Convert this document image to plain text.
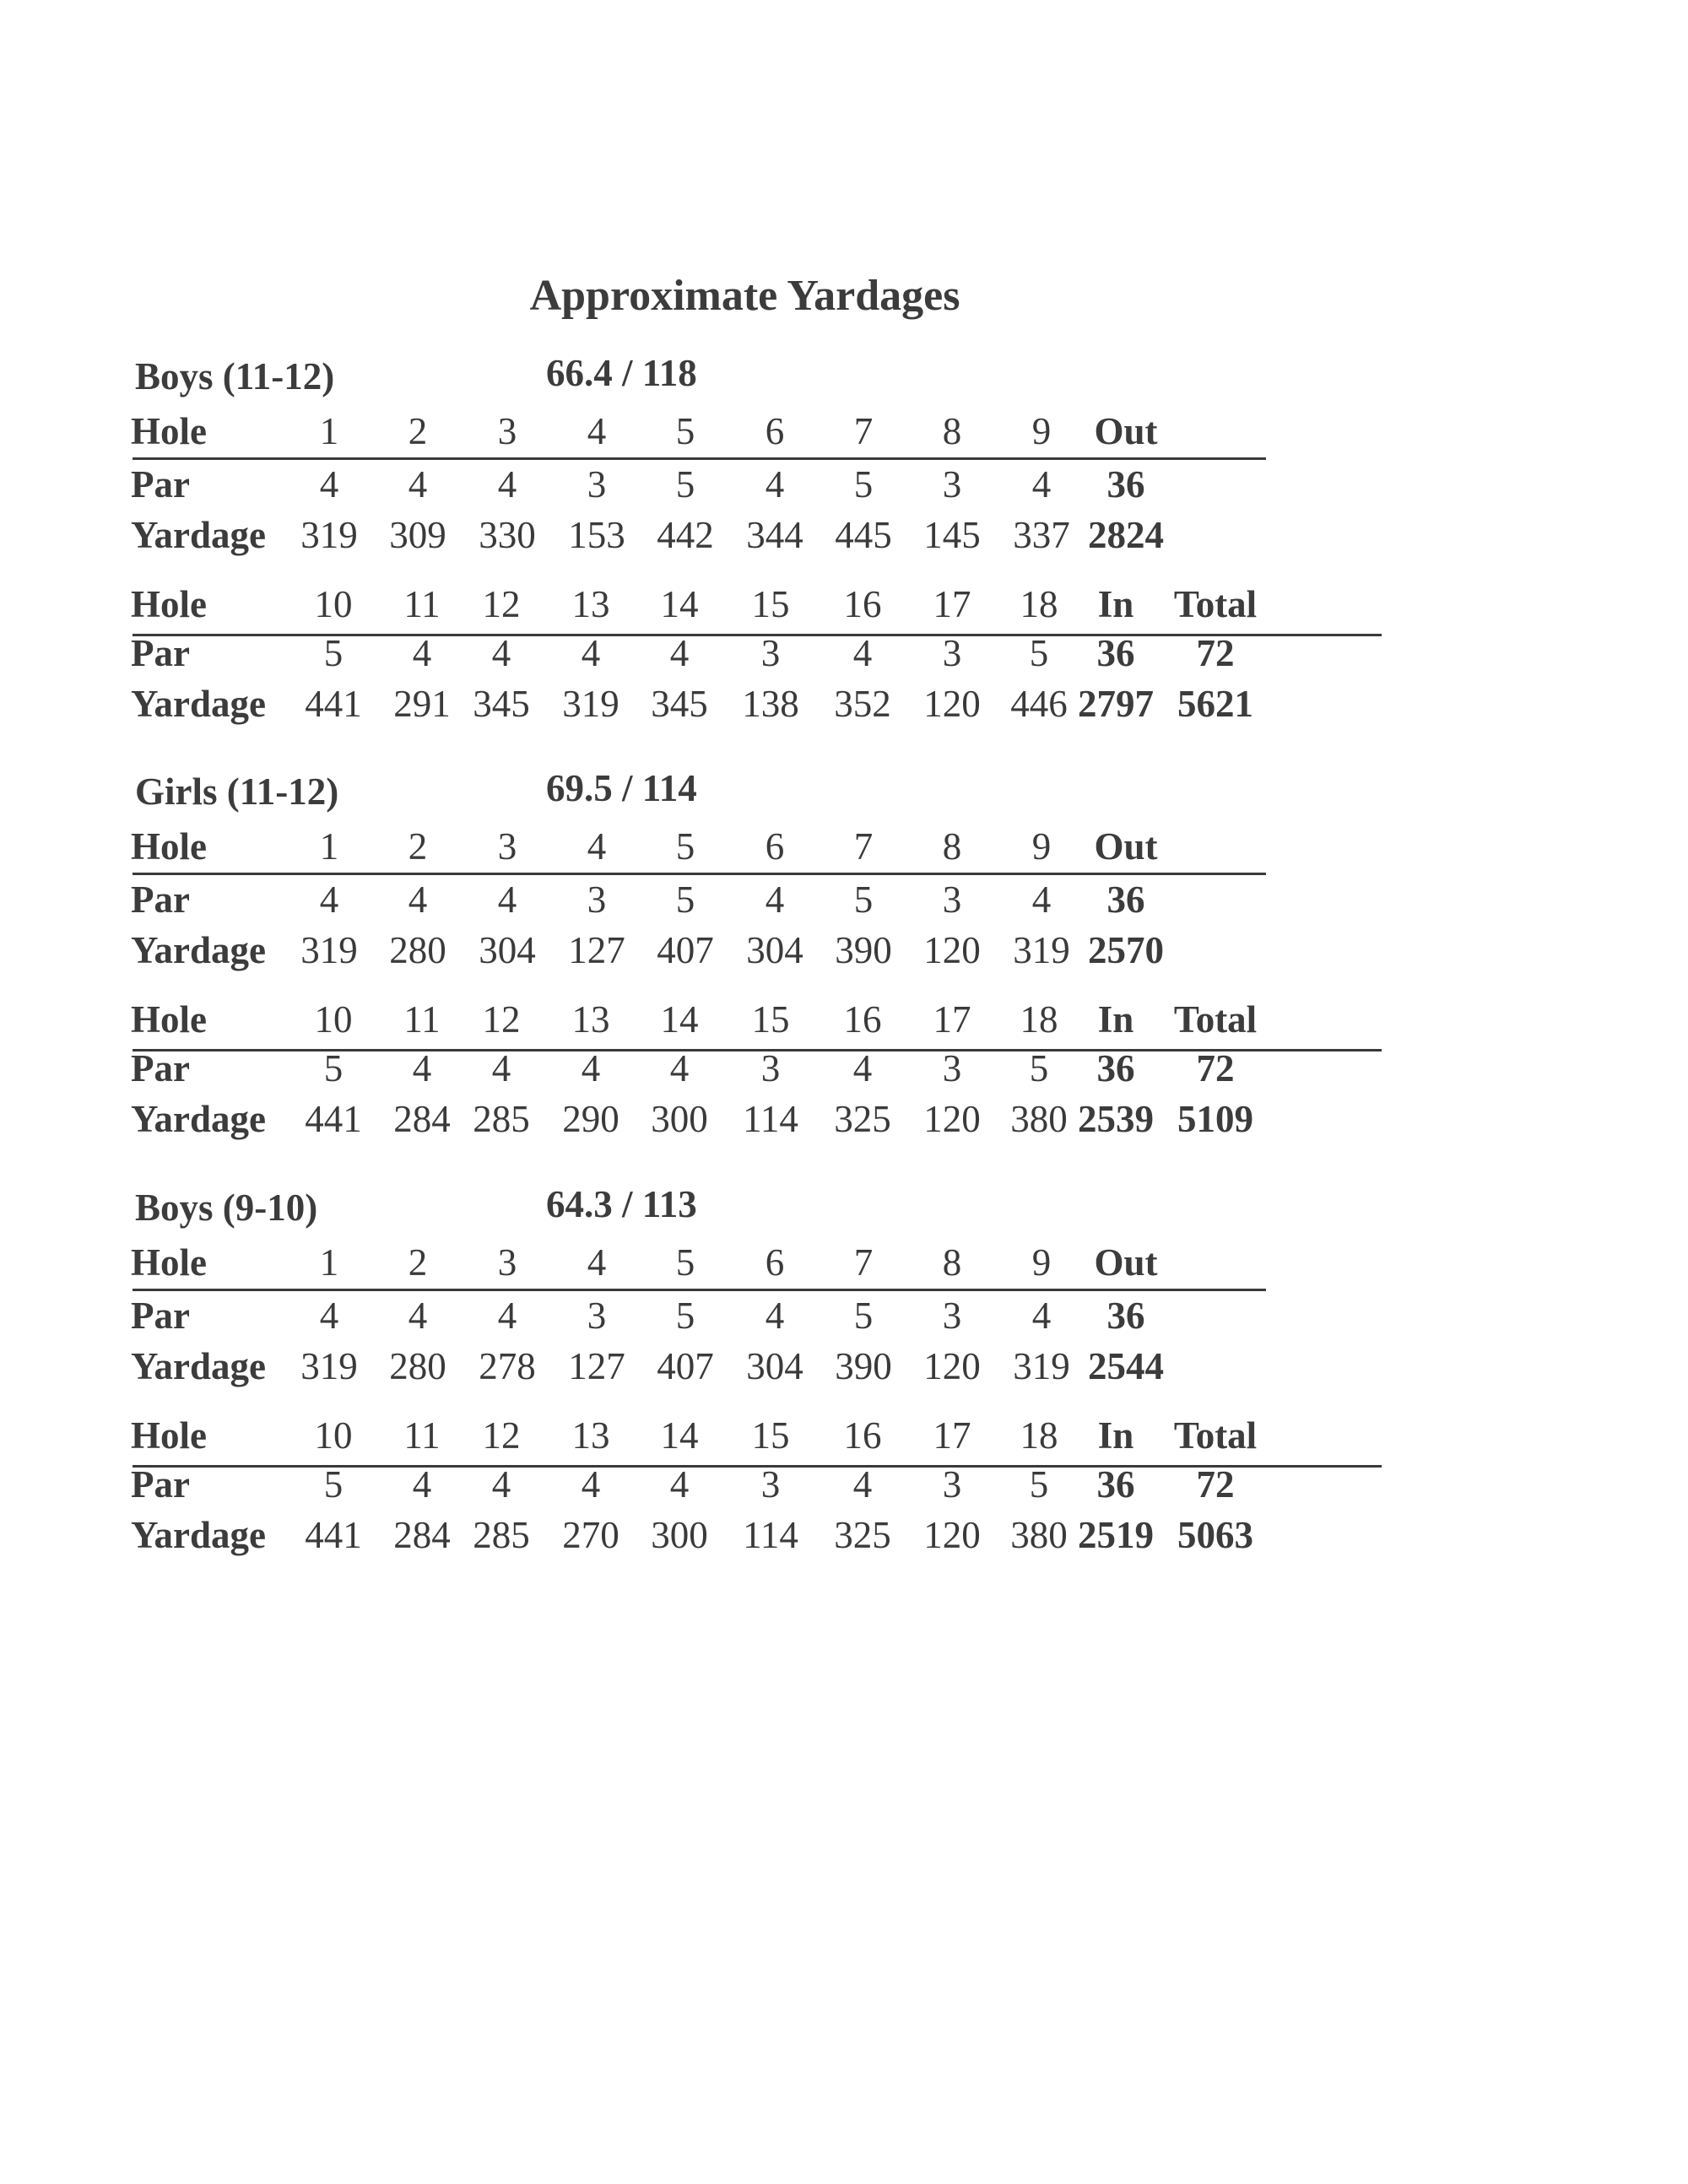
Approximate Yardages
Boys (11-12)	66.4 / 118
Hole	1	2	3	4	5	6	7	8	9	Out
Par	4	4	4	3	5	4	5	3	4	36
Yardage 319 309 330 153 442 344 445 145 337 2824
Hole	10	11	12	13	14	15	16	17	18	In	Total
Par	5	4	4	4	4	3	4	3	5	36	72
Yardage	441 291 345 319 345 138 352 120 446 2797 5621
Girls (11-12)	69.5 / 114
Hole	1	2	3	4	5	6	7	8	9	Out
Par	4	4	4	3	5	4	5	3	4	36
Yardage 319 280 304 127 407 304 390 120 319 2570
Hole	10	11	12	13	14	15	16	17	18	In	Total
Par	5	4	4	4	4	3	4	3	5	36	72
Yardage	441 284 285 290 300 114 325 120 380 2539 5109
Boys (9-10)	64.3 / 113
Hole	1	2	3	4	5	6	7	8	9	Out
Par	4	4	4	3	5	4	5	3	4	36
Yardage 319 280 278 127 407 304 390 120 319 2544
Hole	10	11	12	13	14	15	16	17	18	In	Total
Par	5	4	4	4	4	3	4	3	5	36	72
Yardage	441 284 285 270 300 114 325 120 380 2519 5063
